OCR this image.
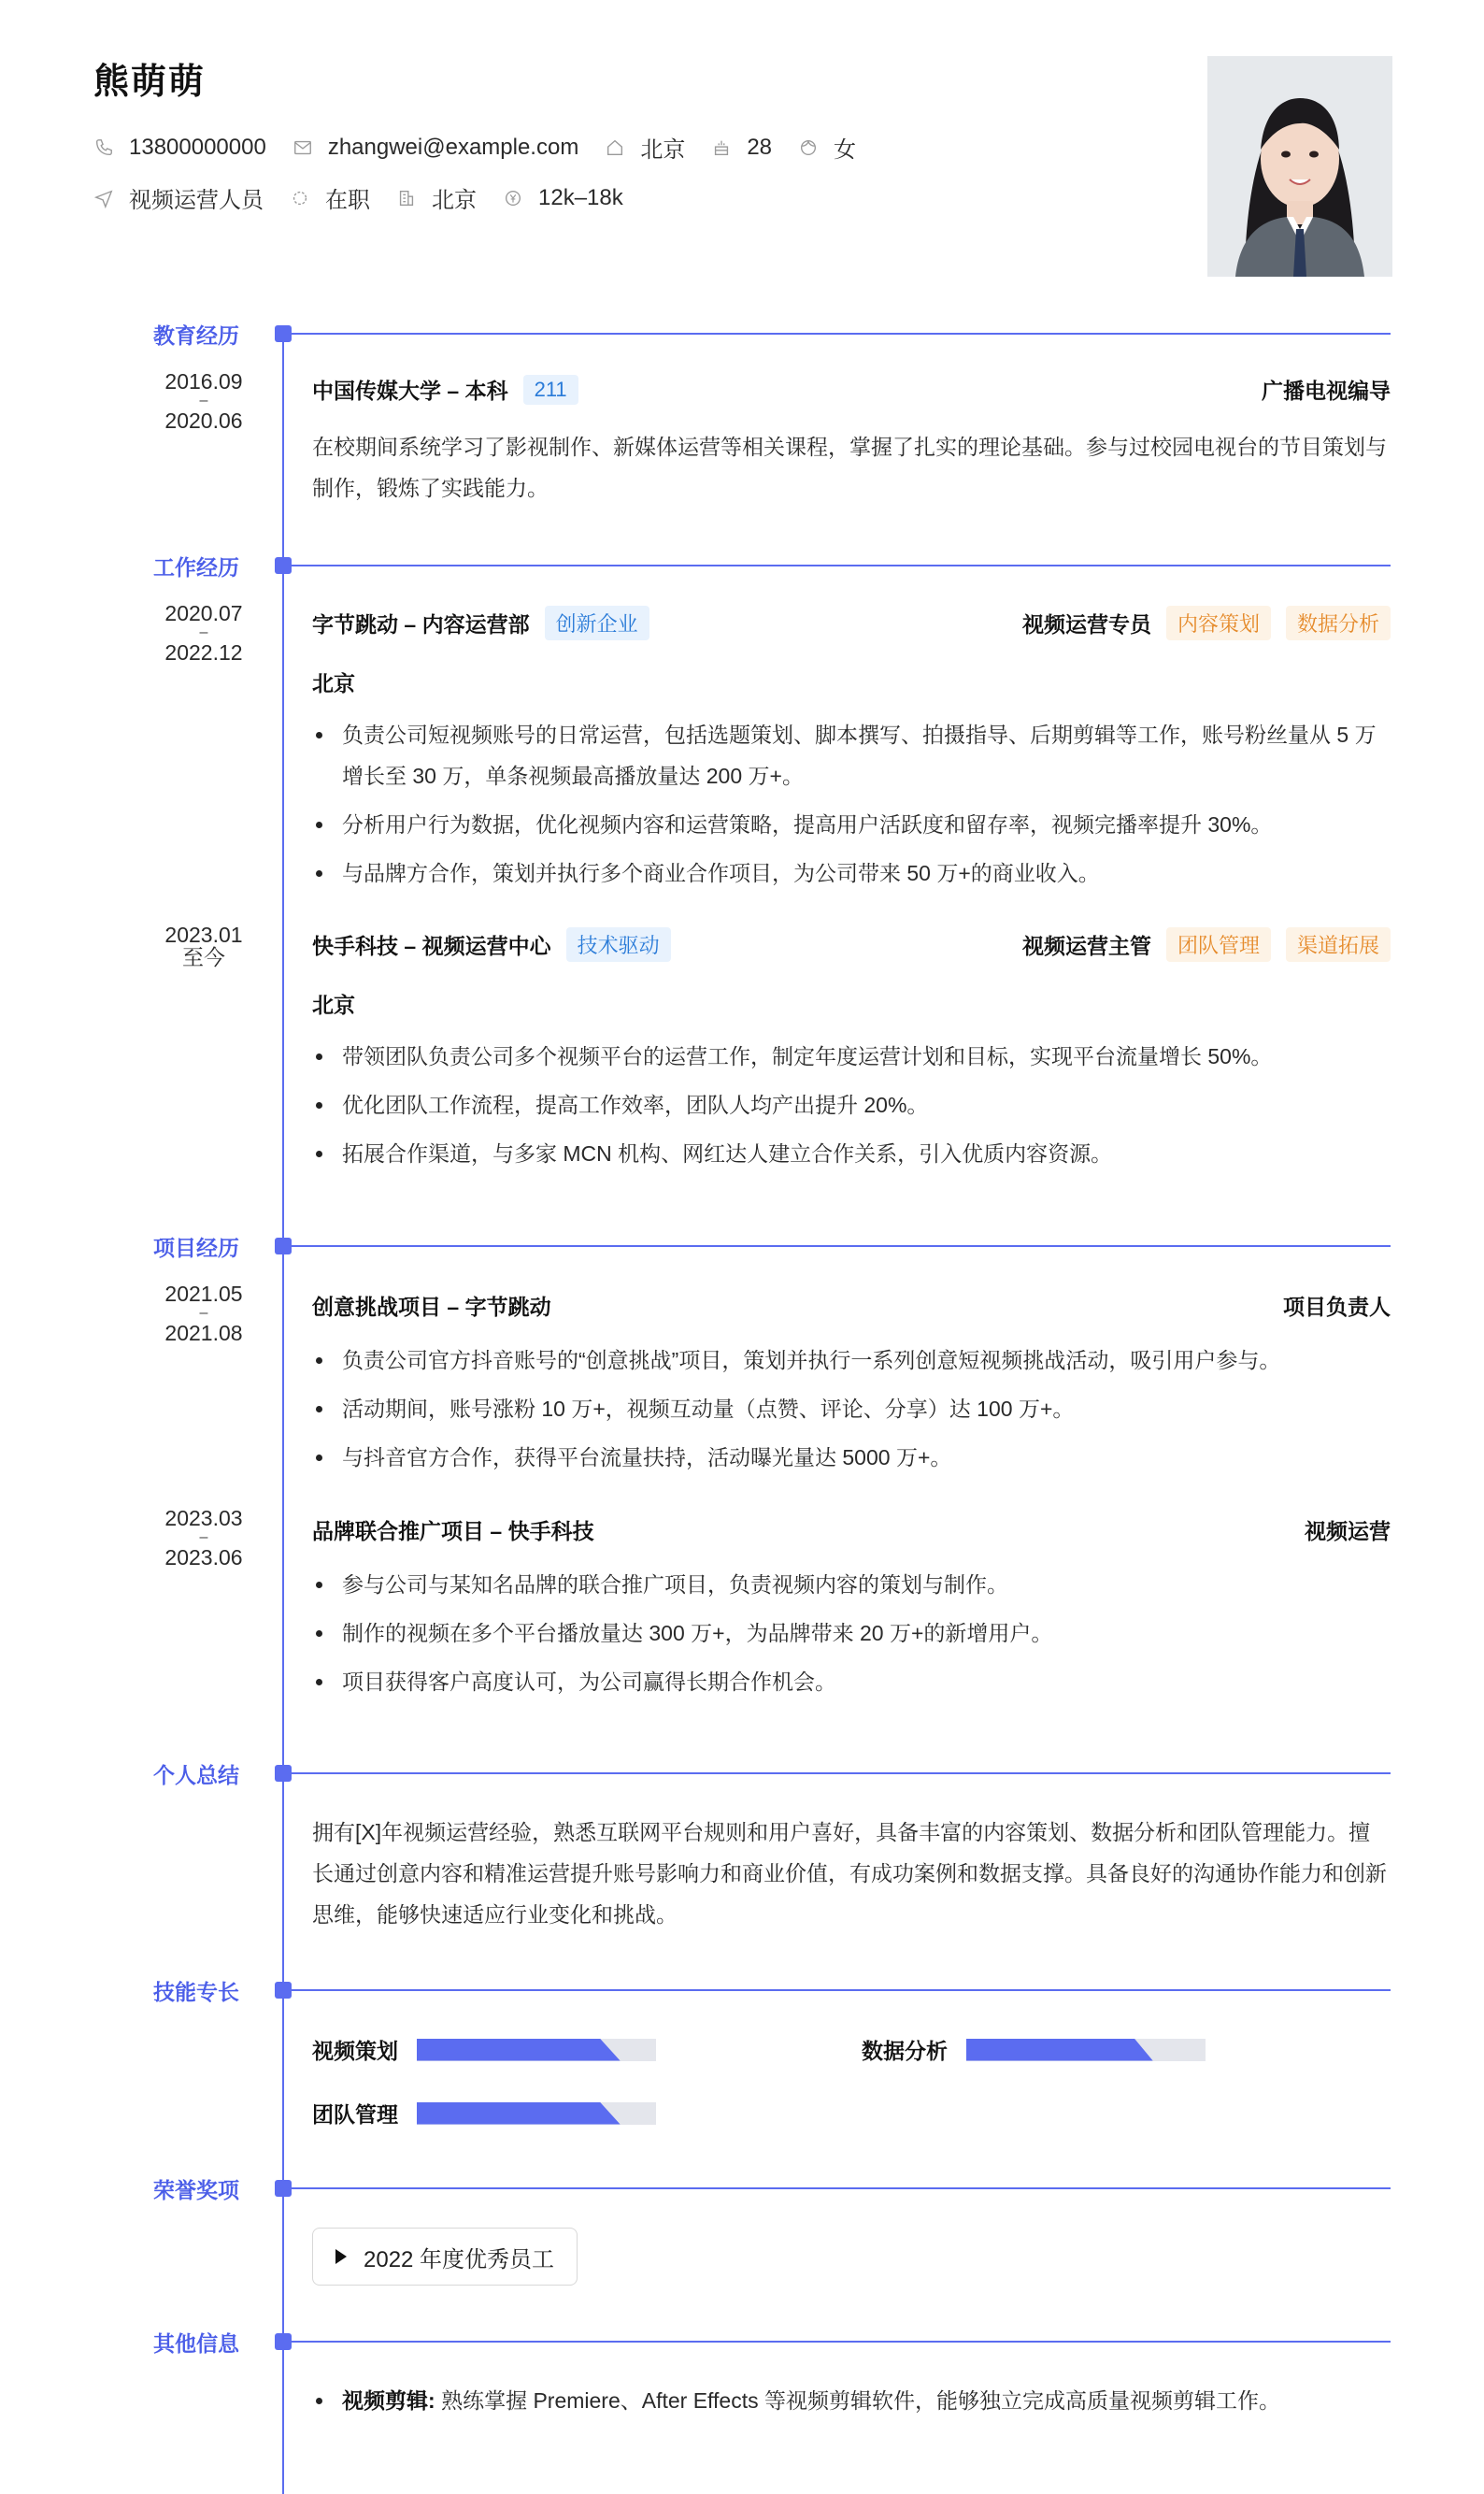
熊萌萌
13800000000	zhangwei@example.com	北京	28	女
视频运营人员	在职	北京	12k–18k
教育经历
2016.09
–
2020.06
中国传媒大学 – 本科	211	广播电视编导
在校期间系统学习了影视制作、新媒体运营等相关课程，掌握了扎实的理论基础。参与过校园电视台的节目策划与制作，锻炼了实践能力。
工作经历
2020.07
–
2022.12
字节跳动 – 内容运营部	创新企业	视频运营专员	内容策划	数据分析
北京
负责公司短视频账号的日常运营，包括选题策划、脚本撰写、拍摄指导、后期剪辑等工作，账号粉丝量从 5 万增长至 30 万，单条视频最高播放量达 200 万+。
分析用户行为数据，优化视频内容和运营策略，提高用户活跃度和留存率，视频完播率提升 30%。
与品牌方合作，策划并执行多个商业合作项目，为公司带来 50 万+的商业收入。
2023.01
至今	快手科技 – 视频运营中心	技术驱动	视频运营主管	团队管理	渠道拓展
北京
带领团队负责公司多个视频平台的运营工作，制定年度运营计划和目标，实现平台流量增长 50%。
优化团队工作流程，提高工作效率，团队人均产出提升 20%。
拓展合作渠道，与多家 MCN 机构、网红达人建立合作关系，引入优质内容资源。
项目经历
2021.05
–
2021.08
创意挑战项目 – 字节跳动	项目负责人
负责公司官方抖音账号的“创意挑战”项目，策划并执行一系列创意短视频挑战活动，吸引用户参与。
活动期间，账号涨粉 10 万+，视频互动量（点赞、评论、分享）达 100 万+。
与抖音官方合作，获得平台流量扶持，活动曝光量达 5000 万+。
2023.03
–
2023.06
品牌联合推广项目 – 快手科技	视频运营
参与公司与某知名品牌的联合推广项目，负责视频内容的策划与制作。
制作的视频在多个平台播放量达 300 万+，为品牌带来 20 万+的新增用户。
项目获得客户高度认可，为公司赢得长期合作机会。
个人总结
拥有[X]年视频运营经验，熟悉互联网平台规则和用户喜好，具备丰富的内容策划、数据分析和团队管理能力。擅长通过创意内容和精准运营提升账号影响力和商业价值，有成功案例和数据支撑。具备良好的沟通协作能力和创新思维，能够快速适应行业变化和挑战。
技能专长
视频策划	数据分析
团队管理
荣誉奖项
2022 年度优秀员工
其他信息
视频剪辑: 熟练掌握 Premiere、After Effects 等视频剪辑软件，能够独立完成高质量视频剪辑工作。
